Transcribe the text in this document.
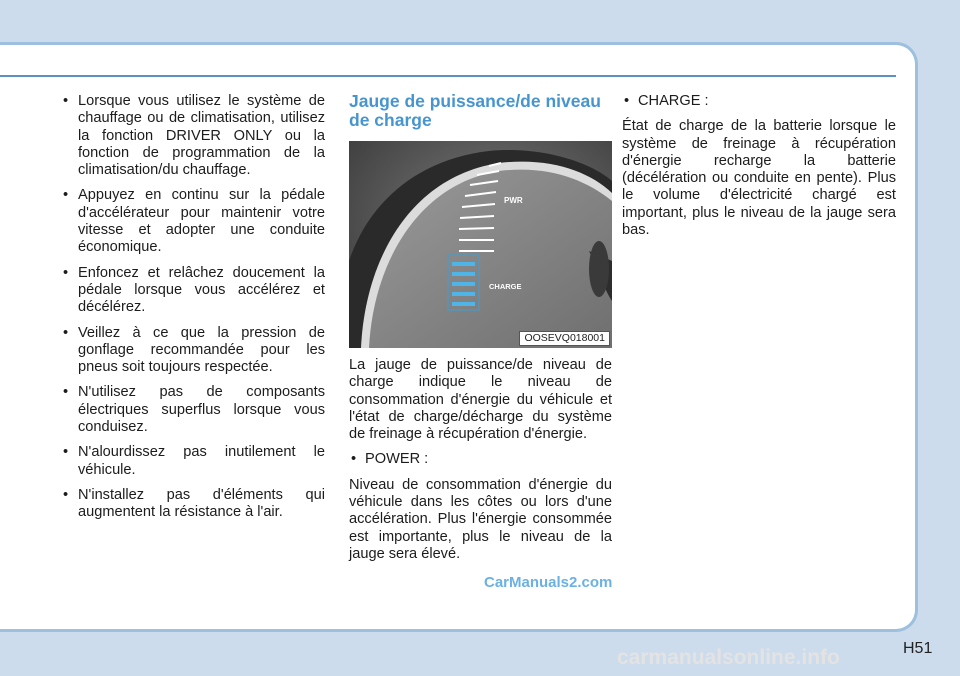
• Lorsque vous utilisez le système de chauffage ou de climatisation, utilisez la fonction DRIVER ONLY ou la fonction de programmation de la climatisation/du chauffage.
• Appuyez en continu sur la pédale d'accélérateur pour maintenir votre vitesse et adopter une conduite économique.
• Enfoncez et relâchez doucement la pédale lorsque vous accélérez et décélérez.
• Veillez à ce que la pression de gonflage recommandée pour les pneus soit toujours respectée.
• N'utilisez pas de composants électriques superflus lorsque vous conduisez.
• N'alourdissez pas inutilement le véhicule.
• N'installez pas d'éléments qui augmentent la résistance à l'air.
Jauge de puissance/de niveau de charge
PWR
CHARGE
OOSEVQ018001

La jauge de puissance/de niveau de charge indique le niveau de consommation d'énergie du véhicule et l'état de charge/décharge du système de freinage à récupération d'énergie.

• POWER :

Niveau de consommation d'énergie du véhicule dans les côtes ou lors d'une accélération. Plus l'énergie consommée est importante, plus le niveau de la jauge sera élevé.

• CHARGE :

État de charge de la batterie lorsque le système de freinage à récupération d'énergie recharge la batterie (décélération ou conduite en pente). Plus le volume d'électricité chargé est important, plus le niveau de la jauge sera bas.

CarManuals2.com
H51
carmanualsonline.info
